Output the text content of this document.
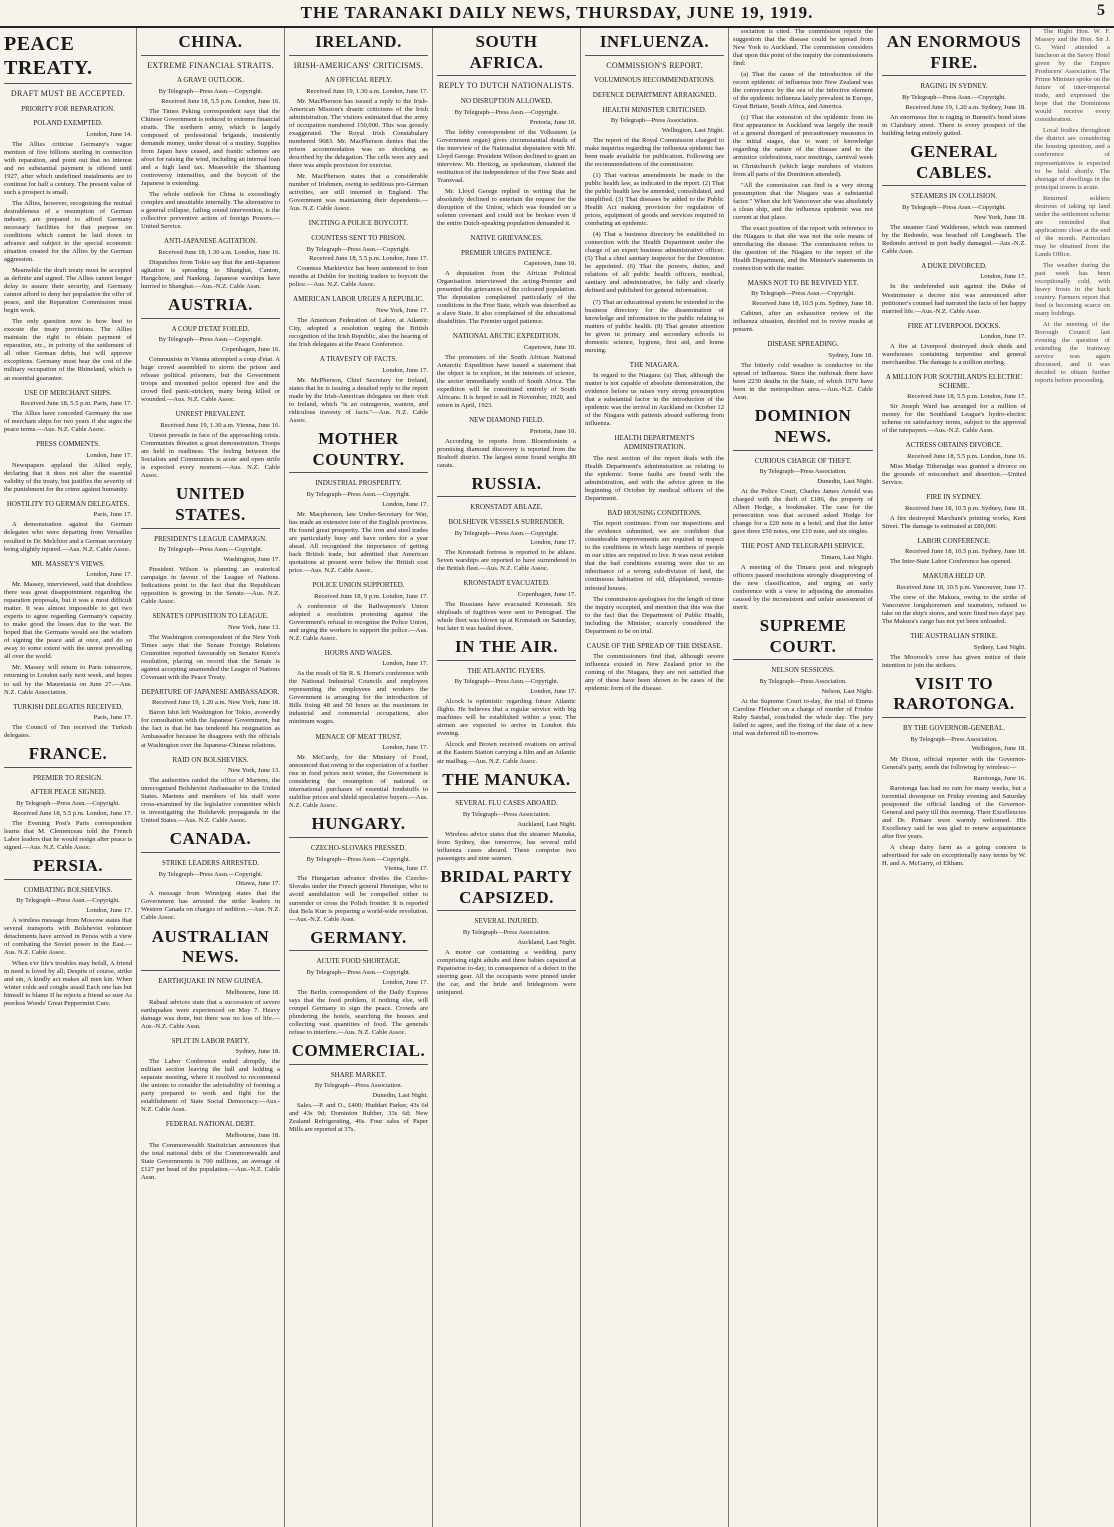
THE TARANAKI DAILY NEWS, THURSDAY, JUNE 19, 1919.	5
PEACE TREATY.
DRAFT MUST BE ACCEPTED.
PRIORITY FOR REPARATION.
POLAND EXEMPTED.
London, June 14.

The Allies criticise Germany's vague mention of five billions sterling in connection with reparation, and point out that no interest and no substantial payment is offered until 1927, after which undefined instalments are to continue for half a century. The present value of such a prospect is small.

The Allies, however, recognising the mutual desirableness of a resumption of German industry, are prepared to afford Germany necessary facilities for that purpose on conditions which cannot be laid down in advance and subject to the special economic situation created for the Allies by the German aggression.

Meanwhile the draft treaty must be accepted as definite and signed. The Allies cannot longer delay to assure their security, and Germany cannot afford to deny her population the offer of peace, and the Reparation Commission must begin work.

The only question now is how best to execute the treaty provisions. The Allies maintain the right to obtain payment of reparation, etc., in priority of the settlement of all other German debts, but will approve exceptions. Germany must bear the cost of the military occupation of the Rhineland, which is an essential guarantee.

USE OF MERCHANT SHIPS.
Received June 18, 5.5 p.m. Paris, June 17.

The Allies have conceded Germany the use of merchant ships for two years if she signs the peace terms.—Aus. N.Z. Cable Assoc.

PRESS COMMENTS.
London, June 17.

Newspapers applaud the Allied reply, declaring that it does not alter the essential validity of the treaty, but justifies the severity of the punishment for the crime against humanity.

HOSTILITY TO GERMAN DELEGATES.
Paris, June 17.

A demonstration against the German delegates who were departing from Versailles resulted in Dr. Melchior and a German secretary being slightly injured.—Aus. N.Z. Cable Assoc.

MR. MASSEY'S VIEWS.
London, June 17.

Mr. Massey, interviewed, said that doubtless there was great disappointment regarding the reparation proposals, but it was a most difficult matter. It was almost impossible to get two experts to agree regarding Germany's capacity to make good the losses due to the war. He hoped that the Germans would see the wisdom of signing the peace and at once, and do so away to some extent with the unrest prevailing all over the world.

Mr. Massey will return to Paris tomorrow, returning to London early next week, and hopes to sail by the Mauretania on June 27.—Aus. N.Z. Cable Association.

TURKISH DELEGATES RECEIVED.
Paris, June 17.

The Council of Ten received the Turkish delegates.

FRANCE.
PREMIER TO RESIGN.
AFTER PEACE SIGNED.
By Telegraph—Press Assn.—Copyright.
Received June 18, 5.5 p.m. London, June 17.

The Evening Post's Paris correspondent learns that M. Clemenceau told the French Labor leaders that he would resign after peace is signed.—Aus. N.Z. Cable Assoc.

PERSIA.
COMBATING BOLSHEVIKS.
By Telegraph—Press Assn.—Copyright.
London, June 17.

A wireless message from Moscow states that several transports with Bolshevist volunteer detachments have arrived in Persia with a view of combating the Soviet power in the East.—Aus. N.Z. Cable Assoc.

When e'er life's troubles may befall, A friend in need is loved by all; Despite of course, strike and sin, A kindly act makes all men kin. When winter colds and coughs assail Each one has but himself to blame If he rejects a friend so sure As peerless Woods' Great Peppermint Cure.

CHINA.
EXTREME FINANCIAL STRAITS.
A GRAVE OUTLOOK.
By Telegraph—Press Assn.—Copyright.
Received June 18, 5.5 p.m. London, June 16.

The Times Peking correspondent says that the Chinese Government is reduced to extreme financial straits. The northern army, which is largely composed of professional brigands, insistently demands money, under threat of a mutiny. Supplies from Japan have ceased, and frantic schemes are afoot for raising the wind, including an internal loan and a high land tax. Meanwhile the Shantung controversy intensifies, and the boycott of the Japanese is extending.

The whole outlook for China is exceedingly complex and unsuitable internally. The alternative to a general collapse, failing sound intervention, is the collective preventive action of foreign Powers.—United Service.

ANTI-JAPANESE AGITATION.
Received June 18, 1.30 a.m. London, June 16.

Dispatches from Tokio say that the anti-Japanese agitation is spreading to Shanghai, Canton, Hangchow, and Nanking. Japanese warships have hurried to Shanghai.—Aus.-N.Z. Cable Assn.

AUSTRIA.
A COUP D'ETAT FOILED.
By Telegraph—Press Assn.—Copyright.
Copenhagen, June 16.

Communists in Vienna attempted a coup d'etat. A huge crowd assembled to storm the prison and release political prisoners, but the Government troops and mounted police opened fire and the crowd fled panic-stricken, many being killed or wounded.—Aus. N.Z. Cable Assoc.

UNREST PREVALENT.
Received June 19, 1.30 a.m. Vienna, June 16.

Unrest prevails in face of the approaching crisis. Communists threaten a great demonstration. Troops are held in readiness. The feeling between the Socialists and Communists is acute and open strife is expected every moment.—Aus. N.Z. Cable Assoc.

UNITED STATES.
PRESIDENT'S LEAGUE CAMPAIGN.
By Telegraph—Press Assn.—Copyright.
Washington, June 17.

President Wilson is planning an oratorical campaign in favour of the League of Nations. Indications point to the fact that the Republican opposition is growing in the Senate.—Aus. N.Z. Cable Assoc.

SENATE'S OPPOSITION TO LEAGUE.
New York, June 13.

The Washington correspondent of the New York Times says that the Senate Foreign Relations Committee reported favourably on Senator Knox's resolution, placing on record that the Senate is against accepting unamended the League of Nations Covenant with the Peace Treaty.

DEPARTURE OF JAPANESE AMBASSADOR.
Received June 19, 1.20 a.m. New York, June 18.

Baron Ishii left Washington for Tokio, avowedly for consultation with the Japanese Government, but the fact is that he has tendered his resignation as Ambassador because he disagrees with the officials at Washington over the Japanese-Chinese relations.

RAID ON BOLSHEVIKS.
New York, June 13.

The authorities raided the office of Martens, the unrecognised Bolshevist Ambassador to the United States. Martens and members of his staff were cross-examined by the legislative committee which is investigating the Bolshevik propaganda in the United States.—Aus. N.Z. Cable Assoc.

CANADA.
STRIKE LEADERS ARRESTED.
By Telegraph—Press Assn.—Copyright.
Ottawa, June 17.

A message from Winnipeg states that the Government has arrested the strike leaders in Western Canada on charges of sedition.—Aus. N.Z. Cable Assoc.

AUSTRALIAN NEWS.
EARTHQUAKE IN NEW GUINEA.
Melbourne, June 18.

Rabaul advices state that a succession of severe earthquakes were experienced on May 7. Heavy damage was done, but there was no loss of life.—Aus.-N.Z. Cable Assn.

SPLIT IN LABOR PARTY.
Sydney, June 18.

The Labor Conference ended abruptly, the militant section leaving the hall and holding a separate meeting, where it resolved to recommend the unions to consider the advisability of forming a party prepared to work and fight for the establishment of State Social Democracy.—Aus.-N.Z. Cable Assn.

FEDERAL NATIONAL DEBT.
Melbourne, June 18.

The Commonwealth Statistician announces that the total national debt of the Commonwealth and State Governments is 700 millions, an average of £127 per head of the population.—Aus.-N.Z. Cable Assn.

IRELAND.
IRISH-AMERICANS' CRITICISMS.
AN OFFICIAL REPLY.
Received June 19, 1.30 a.m. London, June 17.

Mr. MacPherson has issued a reply to the Irish-American Mission's drastic criticisms of the Irish administration. The visitors estimated that the army of occupation numbered 150,000. This was grossly exaggerated. The Royal Irish Constabulary numbered 9683. Mr. MacPherson denies that the prison accommodation was so shocking as described by the delegation. The cells were airy and there was ample provision for exercise.

Mr. MacPherson states that a considerable number of Irishmen, owing to seditious pro-German activities, are still interned in England. The Government was maintaining their dependents.—Aus. N.Z. Cable Assoc.

INCITING A POLICE BOYCOTT.
COUNTESS SENT TO PRISON.
By Telegraph—Press Assn.—Copyright.
Received June 18, 5.5 p.m. London, June 17.

Countess Markievicz has been sentenced to four months at Dublin for inciting traders to boycott the police.—Aus. N.Z. Cable Assoc.

AMERICAN LABOR URGES A REPUBLIC.
New York, June 17.

The American Federation of Labor, at Atlantic City, adopted a resolution urging the British recognition of the Irish Republic, also the hearing of the Irish delegates at the Peace Conference.

A TRAVESTY OF FACTS.
London, June 17.

Mr. McPherson, Chief Secretary for Ireland, states that he is issuing a detailed reply to the report made by the Irish-American delegates on their visit to Ireland, which "is an outrageous, wanton, and ridiculous travesty of facts."—Aus. N.Z. Cable Assoc.

MOTHER COUNTRY.
INDUSTRIAL PROSPERITY.
By Telegraph—Press Assn.—Copyright.
London, June 17.

Mr. Macpherson, late Under-Secretary for War, has made an extensive tour of the English provinces. He found great prosperity. The iron and steel trades are particularly busy and have orders for a year ahead. All recognised the importance of getting back British trade, but admitted that American quotations at present were below the British cost price.—Aus. N.Z. Cable Assoc.

POLICE UNION SUPPORTED.
Received June 18, 9 p.m. London, June 17.

A conference of the Railwaymen's Union adopted a resolution protesting against the Government's refusal to recognise the Police Union, and urging the workers to support the police.—Aus. N.Z. Cable Assoc.

HOURS AND WAGES.
London, June 17.

As the result of Sir R. S. Horne's conference with the National Industrial Councils and employers representing the employees and workers the Government is arranging for the introduction of Bills fixing 48 and 50 hours as the maximum in industrial and commercial occupations, also minimum wages.

MENACE OF MEAT TRUST.
London, June 17.

Mr. McCurdy, for the Ministry of Food, announced that owing to the expectation of a further rise in food prices next winter, the Government is considering the resumption of national or international purchases of essential foodstuffs to stabilise prices and shield speculative buyers.—Aus. N.Z. Cable Assoc.

HUNGARY.
CZECHO-SLOVAKS PRESSED.
By Telegraph—Press Assn.—Copyright.
Vienna, June 17.

The Hungarian advance divides the Czecho-Slovaks under the French general Hennique, who to avoid annihilation will be compelled either to surrender or cross the Polish frontier. It is reported that Bela Kun is preparing a world-wide revolution.—Aus.-N.Z. Cable Assn.

GERMANY.
ACUTE FOOD SHORTAGE.
By Telegraph—Press Assn.—Copyright.
London, June 17.

The Berlin correspondent of the Daily Express says that the food problem, if nothing else, will compel Germany to sign the peace. Crowds are plundering the hotels, searching the houses and collecting vast quantities of food. The generals refuse to interfere.—Aus. N.Z. Cable Assoc.

COMMERCIAL.
SHARE MARKET.
By Telegraph—Press Association.
Dunedin, Last Night.

Sales.—P. and O., £400; Huddart Parker, 43s 6d and 43s 9d; Dominion Rubber, 33s 6d; New Zealand Refrigerating, 46s. Four sales of Paper Mills are reported at 37s.

SOUTH AFRICA.
REPLY TO DUTCH NATIONALISTS.
NO DISRUPTION ALLOWED.
By Telegraph—Press Assn.—Copyright.
Pretoria, June 10.

The lobby correspondent of the Volksstem (a Government organ) gives circumstantial details of the interview of the Nationalist deputation with Mr. Lloyd George. President Wilson declined to grant an interview. Mr. Hertzog, as spokesman, claimed the restitution of the independence of the Free State and Transvaal.

Mr. Lloyd George replied in writing that he absolutely declined to entertain the request for the disruption of the Union, which was founded on a solemn covenant and could not be broken even if the entire Dutch-speaking population demanded it.

NATIVE GRIEVANCES.
PREMIER URGES PATIENCE.
Capetown, June 10.

A deputation from the African Political Organisation interviewed the acting-Premier and presented the grievances of the coloured population. The deputation complained particularly of the conditions in the Free State, which was described as a slave State. It also complained of the educational disabilities. The Premier urged patience.

NATIONAL ARCTIC EXPEDITION.
Capetown, June 10.

The promoters of the South African National Antarctic Expedition have issued a statement that the object is to explore, in the interests of science, the sector immediately south of South Africa. The expedition will be constituted entirely of South Africans. It is hoped to sail in November, 1920, and return in April, 1923.

NEW DIAMOND FIELD.
Pretoria, June 10.

According to reports from Bloemfontein a promising diamond discovery is reported from the Boshoff district. The largest stone found weighs 80 carats.

RUSSIA.
KRONSTADT ABLAZE.
BOLSHEVIK VESSELS SURRENDER.
By Telegraph—Press Assn.—Copyright.
London, June 17.

The Kronstadt fortress is reported to be ablaze. Seven warships are reported to have surrendered to the British fleet.—Aus. N.Z. Cable Assoc.

KRONSTADT EVACUATED.
Copenhagen, June 17.

The Russians have evacuated Kronstadt. Six shiploads of fugitives were sent to Petrograd. The whole fleet was blown up at Kronstadt on Saturday, but later it was hauled down.

IN THE AIR.
THE ATLANTIC FLYERS.
By Telegraph—Press Assn.—Copyright.
London, June 17.

Alcock is optimistic regarding future Atlantic flights. He believes that a regular service with big machines will be established within a year. The airmen are expected to arrive in London this evening.

Alcock and Brown received ovations on arrival at the Eastern Station carrying a film and an Atlantic air mailbag.—Aus. N.Z. Cable Assoc.

THE MANUKA.
SEVERAL FLU CASES ABOARD.
By Telegraph—Press Association.
Auckland, Last Night.

Wireless advice states that the steamer Manuka, from Sydney, due tomorrow, has several mild influenza cases aboard. These comprise two passengers and nine seamen.

BRIDAL PARTY CAPSIZED.
SEVERAL INJURED.
By Telegraph—Press Association.
Auckland, Last Night.

A motor car containing a wedding party comprising eight adults and three babies capsized at Papatoetoe to-day, in consequence of a defect in the steering gear. All the occupants were pinned under the car, and the bride and bridegroom were uninjured.

INFLUENZA.
COMMISSION'S REPORT.
VOLUMINOUS RECOMMENDATIONS.
DEFENCE DEPARTMENT ARRAIGNED.
HEALTH MINISTER CRITICISED.
By Telegraph—Press Association.
Wellington, Last Night.

The report of the Royal Commission charged to make inquiries regarding the influenza epidemic has been made available for publication. Following are the recommendations of the commission:

(1) That various amendments be made to the public health law, as indicated in the report. (2) That the public health law be amended, consolidated, and simplified. (3) That diseases be added to the Public Health Act making provision for regulation of prices, equipment of goods and services required in combating an epidemic.

(4) That a business directory be established in connection with the Health Department under the charge of an expert business administrative officer. (5) That a chief sanitary inspector for the Dominion be appointed. (6) That the powers, duties, and relations of all public health officers, medical, sanitary and administrative, be fully and clearly defined and published for general information.

(7) That an educational system be extended to the business directory for the dissemination of knowledge and information to the public relating to matters of public health. (8) That greater attention be given in primary and secondary schools to domestic science, hygiene, first aid, and home nursing.

THE NIAGARA.

In regard to the Niagara: (a) That, although the matter is not capable of absolute demonstration, the evidence before us raises very strong presumption that a substantial factor in the introduction of the epidemic was the arrival in Auckland on October 12 of the Niagara with patients aboard suffering from influenza.

HEALTH DEPARTMENT'S ADMINISTRATION.

The next section of the report deals with the Health Department's administration as relating to the epidemic. Some faults are found with the administration, and with the advice given in the beginning of October by medical officers of the Department.

BAD HOUSING CONDITIONS.

The report continues: From our inspections and the evidence submitted, we are confident that considerable improvements are required in respect to the conditions in which large numbers of people in our cities are required to live. It was most evident that the bad conditions existing were due to an inheritance of a wrong sub-division of land, the continuous habitation of old, dilapidated, vermin-infested houses.

The commission apologises for the length of time the inquiry occupied, and mention that this was due to the fact that the Department of Public Health, including the Minister, scarcely considered the Department to be on trial.

CAUSE OF THE SPREAD OF THE DISEASE.

The commissioners find that, although severe influenza existed in New Zealand prior to the coming of the Niagara, they are not satisfied that any of these have been shown to be cases of the epidemic form of the disease.

sociation is cited. The commission rejects the suggestion that the disease could be spread from New York to Auckland. The commission considers that upon this point of the inquiry the commissioners find:

(a) That the cause of the introduction of the recent epidemic of influenza into New Zealand was the conveyance by the sea of the infective element of the epidemic influenza lately prevalent in Europe, Great Britain, South Africa, and America.

(c) That the extension of the epidemic from its first appearance in Auckland was largely the result of a general disregard of precautionary measures in the initial stages, due to want of knowledge regarding the nature of the disease and to the armistice celebrations, race meetings, carnival week in Christchurch (which large numbers of visitors from all parts of the Dominion attended).

"All the commission can find is a very strong presumption that the Niagara was a substantial factor." When she left Vancouver she was absolutely a clean ship, and the influenza epidemic was not current at that place.

The exact position of the report with reference to the Niagara is that she was not the sole means of introducing the disease. The commission refers to the question of the Niagara to the report of the Health Department, and the Minister's statements in connection with the matter.

MASKS NOT TO BE REVIVED YET.
By Telegraph—Press Assn.—Copyright.
Received June 18, 10.5 p.m. Sydney, June 18.

Cabinet, after an exhaustive review of the influenza situation, decided not to revive masks at present.

DISEASE SPREADING.
Sydney, June 18.

The bitterly cold weather is conducive to the spread of influenza. Since the outbreak there have been 2230 deaths in the State, of which 1970 have been in the metropolitan area.—Aus.-N.Z. Cable Assn.

DOMINION NEWS.
CURIOUS CHARGE OF THEFT.
By Telegraph—Press Association.
Dunedin, Last Night.

At the Police Court, Charles James Arnold was charged with the theft of £186, the property of Albert Hodge, a bookmaker. The case for the prosecution was that accused asked Hodge for change for a £20 note in a hotel, and that the latter gave three £50 notes, one £10 note, and six singles.

THE POST AND TELEGRAPH SERVICE.
Timaru, Last Night.

A meeting of the Timaru post and telegraph officers passed resolutions strongly disapproving of the new classification, and urging an early conference with a view to adjusting the anomalies caused by the inconsistent and unfair assessment of merit.

SUPREME COURT.
NELSON SESSIONS.
By Telegraph—Press Association.
Nelson, Last Night.

At the Supreme Court to-day, the trial of Emma Caroline Fletcher on a charge of murder of Frisbie Ruby Saisbal, concluded the whole day. The jury failed to agree, and the fixing of the date of a new trial was deferred till to-morrow.

AN ENORMOUS FIRE.
RAGING IN SYDNEY.
By Telegraph—Press Assn.—Copyright.
Received June 19, 1.20 a.m. Sydney, June 18.

An enormous fire is raging in Burnett's bond store in Claisbury street. There is every prospect of the building being entirely gutted.

GENERAL CABLES.
STEAMERS IN COLLISION.
By Telegraph—Press Assn.—Copyright.
New York, June 18.

The steamer Graf Waldersee, which was rammed by the Redondo, was beached off Longbeach. The Redondo arrived in port badly damaged.—Aus.-N.Z. Cable Assn.

A DUKE DIVORCED.
London, June 17.

In the undefended suit against the Duke of Westminster a decree nisi was announced after petitioner's counsel had narrated the facts of her happy married life.—Aus.-N.Z. Cable Assn.

FIRE AT LIVERPOOL DOCKS.
London, June 17.

A fire at Liverpool destroyed dock sheds and warehouses containing turpentine and general merchandise. The damage is a million sterling.

A MILLION FOR SOUTHLAND'S ELECTRIC SCHEME.
Received June 18, 5.5 p.m. London, June 17.

Sir Joseph Ward has arranged for a million of money for the Southland League's hydro-electric scheme on satisfactory terms, subject to the approval of the ratepayers.—Aus.-N.Z. Cable Assn.

ACTRESS OBTAINS DIVORCE.
Received June 18, 5.5 p.m. London, June 16.

Miss Madge Titheradge was granted a divorce on the grounds of misconduct and desertion.—United Service.

FIRE IN SYDNEY.
Received June 18, 10.5 p.m. Sydney, June 18.

A fire destroyed Marchant's printing works, Kent Street. The damage is estimated at £80,000.

LABOR CONFERENCE.
Received June 18, 10.5 p.m. Sydney, June 18.

The Inter-State Labor Conference has opened.

MAKURA HELD UP.
Received June 18, 10.5 p.m. Vancouver, June 17.

The crew of the Makura, owing to the strike of Vancouver longshoremen and teamsters, refused to take on the ship's stores, and were fined two days' pay. The Makura's cargo has not yet been unloaded.

THE AUSTRALIAN STRIKE.
Sydney, Last Night.

The Moorook's crew has given notice of their intention to join the strikers.

VISIT TO RAROTONGA.
BY THE GOVERNOR-GENERAL.
By Telegraph—Press Association.
Wellington, June 18.

Mr Dixon, official reporter with the Governor-General's party, sends the following by wireless:—

Rarotonga, June 16.

Rarotonga has had no rain for many weeks, but a torrential downpour on Friday evening and Saturday postponed the official landing of the Governor-General and party till this morning. Their Excellencies and Dr. Pomare were warmly welcomed. His Excellency said he was glad to renew acquaintance after five years.

A cheap dairy farm as a going concern is advertised for sale on exceptionally easy terms by W. H. and A. McGarry, of Eltham.

The Right Hon. W. F. Massey and the Hon. Sir J. G. Ward attended a luncheon at the Savoy Hotel given by the Empire Producers' Association. The Prime Minister spoke on the future of inter-imperial trade, and expressed the hope that the Dominions would receive every consideration.

Local bodies throughout the district are considering the housing question, and a conference of representatives is expected to be held shortly. The shortage of dwellings in the principal towns is acute.

Returned soldiers desirous of taking up land under the settlement scheme are reminded that applications close at the end of the month. Particulars may be obtained from the Lands Office.

The weather during the past week has been exceptionally cold, with heavy frosts in the back country. Farmers report that feed is becoming scarce on many holdings.

At the meeting of the Borough Council last evening the question of extending the tramway service was again discussed, and it was decided to obtain further reports before proceeding.
